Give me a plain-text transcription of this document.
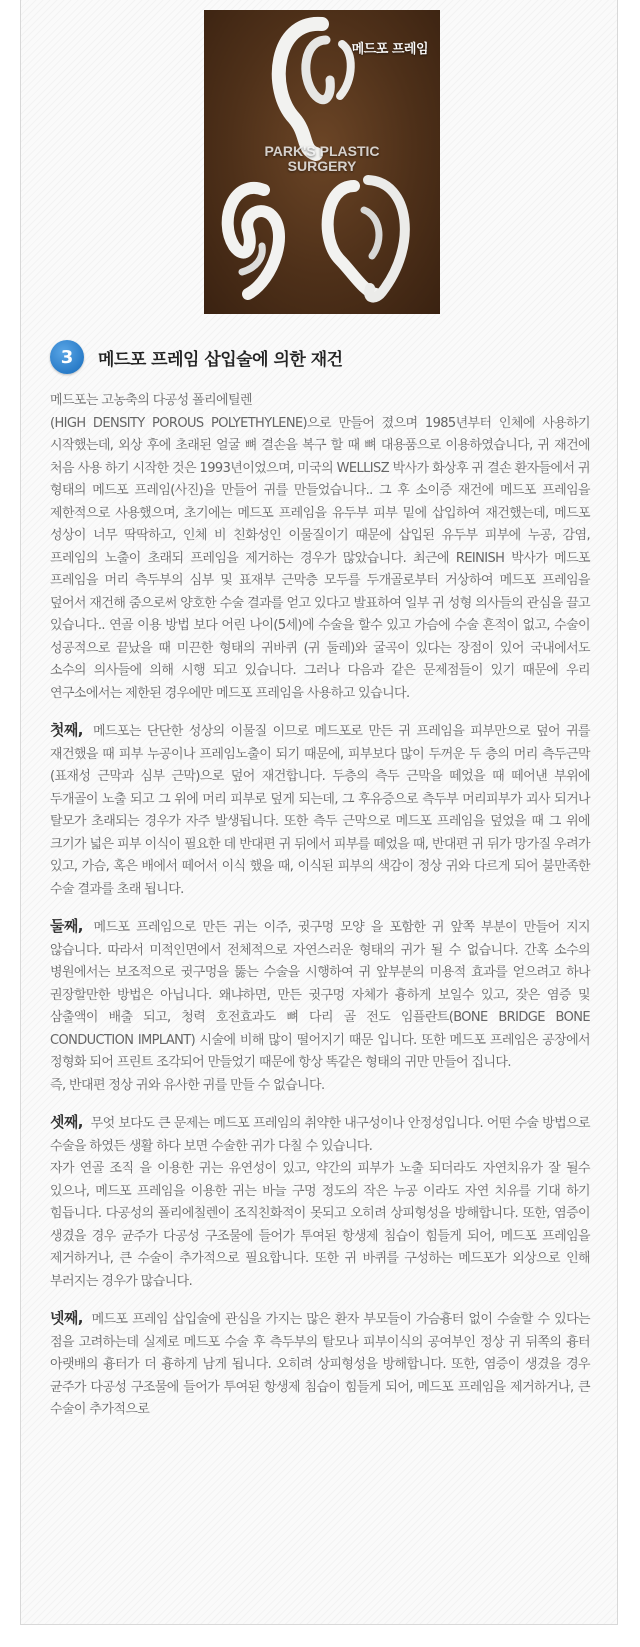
메드포 프레임
PARK'S PLASTIC
SURGERY
3	메드포 프레임 삽입술에 의한 재건

메드포는 고농축의 다공성 폴리에틸렌
(HIGH DENSITY POROUS POLYETHYLENE)으로 만들어 졌으며 1985년부터 인체에 사용하기 시작했는데, 외상 후에 초래된 얼굴 뼈 결손을 복구 할 때 뼈 대용품으로 이용하였습니다, 귀 재건에 처음 사용 하기 시작한 것은 1993년이었으며, 미국의 WELLISZ 박사가 화상후 귀 결손 환자들에서 귀 형태의 메드포 프레임(사진)을 만들어 귀를 만들었습니다.. 그 후 소이증 재건에 메드포 프레임을 제한적으로 사용했으며, 초기에는 메드포 프레임을 유두부 피부 밑에 삽입하여 재건했는데, 메드포 성상이 너무 딱딱하고, 인체 비 친화성인 이물질이기 때문에 삽입된 유두부 피부에 누공, 감염, 프레임의 노출이 초래되 프레임을 제거하는 경우가 많았습니다. 최근에 REINISH 박사가 메드포 프레임을 머리 측두부의 심부 및 표재부 근막층 모두를 두개골로부터 거상하여 메드포 프레임을 덮어서 재건해 줌으로써 양호한 수술 결과를 얻고 있다고 발표하여 일부 귀 성형 의사들의 관심을 끌고 있습니다.. 연골 이용 방법 보다 어린 나이(5세)에 수술을 할수 있고 가슴에 수술 흔적이 없고, 수술이 성공적으로 끝났을 때 미끈한 형태의 귀바퀴 (귀 둘레)와 굴곡이 있다는 장점이 있어 국내에서도 소수의 의사들에 의해 시행 되고 있습니다. 그러나 다음과 같은 문제점들이 있기 때문에 우리 연구소에서는 제한된 경우에만 메드포 프레임을 사용하고 있습니다.

첫째, 메드포는 단단한 성상의 이물질 이므로 메드포로 만든 귀 프레임을 피부만으로 덮어 귀를 재건했을 때 피부 누공이나 프레임노출이 되기 때문에, 피부보다 많이 두꺼운 두 층의 머리 측두근막(표재성 근막과 심부 근막)으로 덮어 재건합니다. 두층의 측두 근막을 떼었을 때 떼어낸 부위에 두개골이 노출 되고 그 위에 머리 피부로 덮게 되는데, 그 후유증으로 측두부 머리피부가 괴사 되거나 탈모가 초래되는 경우가 자주 발생됩니다. 또한 측두 근막으로 메드포 프레임을 덮었을 때 그 위에 크기가 넓은 피부 이식이 필요한 데 반대편 귀 뒤에서 피부를 떼었을 때, 반대편 귀 뒤가 망가질 우려가 있고, 가슴, 혹은 배에서 떼어서 이식 했을 때, 이식된 피부의 색감이 정상 귀와 다르게 되어 불만족한 수술 결과를 초래 됩니다.

둘째, 메드포 프레임으로 만든 귀는 이주, 귓구멍 모양 을 포함한 귀 앞쪽 부분이 만들어 지지 않습니다. 따라서 미적인면에서 전체적으로 자연스러운 형태의 귀가 될 수 없습니다. 간혹 소수의 병원에서는 보조적으로 귓구멍을 뚫는 수술을 시행하여 귀 앞부분의 미용적 효과를 얻으려고 하나 권장할만한 방법은 아닙니다. 왜냐하면, 만든 귓구멍 자체가 흉하게 보일수 있고, 잦은 염증 및 삼출액이 배출 되고, 청력 호전효과도 뼈 다리 골 전도 임플란트(BONE BRIDGE BONE CONDUCTION IMPLANT) 시술에 비해 많이 떨어지기 때문 입니다. 또한 메드포 프레임은 공장에서 정형화 되어 프린트 조각되어 만들었기 때문에 항상 똑같은 형태의 귀만 만들어 집니다.
즉, 반대편 정상 귀와 유사한 귀를 만들 수 없습니다.

셋째, 무엇 보다도 큰 문제는 메드포 프레임의 취약한 내구성이나 안정성입니다. 어떤 수술 방법으로 수술을 하였든 생활 하다 보면 수술한 귀가 다칠 수 있습니다.
자가 연골 조직 을 이용한 귀는 유연성이 있고, 약간의 피부가 노출 되더라도 자연치유가 잘 될수 있으나, 메드포 프레임을 이용한 귀는 바늘 구멍 정도의 작은 누공 이라도 자연 치유를 기대 하기 힘듭니다. 다공성의 폴리에칠렌이 조직친화적이 못되고 오히려 상피형성을 방해합니다. 또한, 염증이 생겼을 경우 균주가 다공성 구조물에 들어가 투여된 항생제 침습이 힘들게 되어, 메드포 프레임을 제거하거나, 큰 수술이 추가적으로 필요합니다. 또한 귀 바퀴를 구성하는 메드포가 외상으로 인해 부러지는 경우가 많습니다.

넷째, 메드포 프레임 삽입술에 관심을 가지는 많은 환자 부모들이 가슴흉터 없이 수술할 수 있다는 점을 고려하는데 실제로 메드포 수술 후 측두부의 탈모나 피부이식의 공여부인 정상 귀 뒤쪽의 흉터 아랫배의 흉터가 더 흉하게 남게 됩니다. 오히려 상피형성을 방해합니다. 또한, 염증이 생겼을 경우 균주가 다공성 구조물에 들어가 투여된 항생제 침습이 힘들게 되어, 메드포 프레임을 제거하거나, 큰 수술이 추가적으로
